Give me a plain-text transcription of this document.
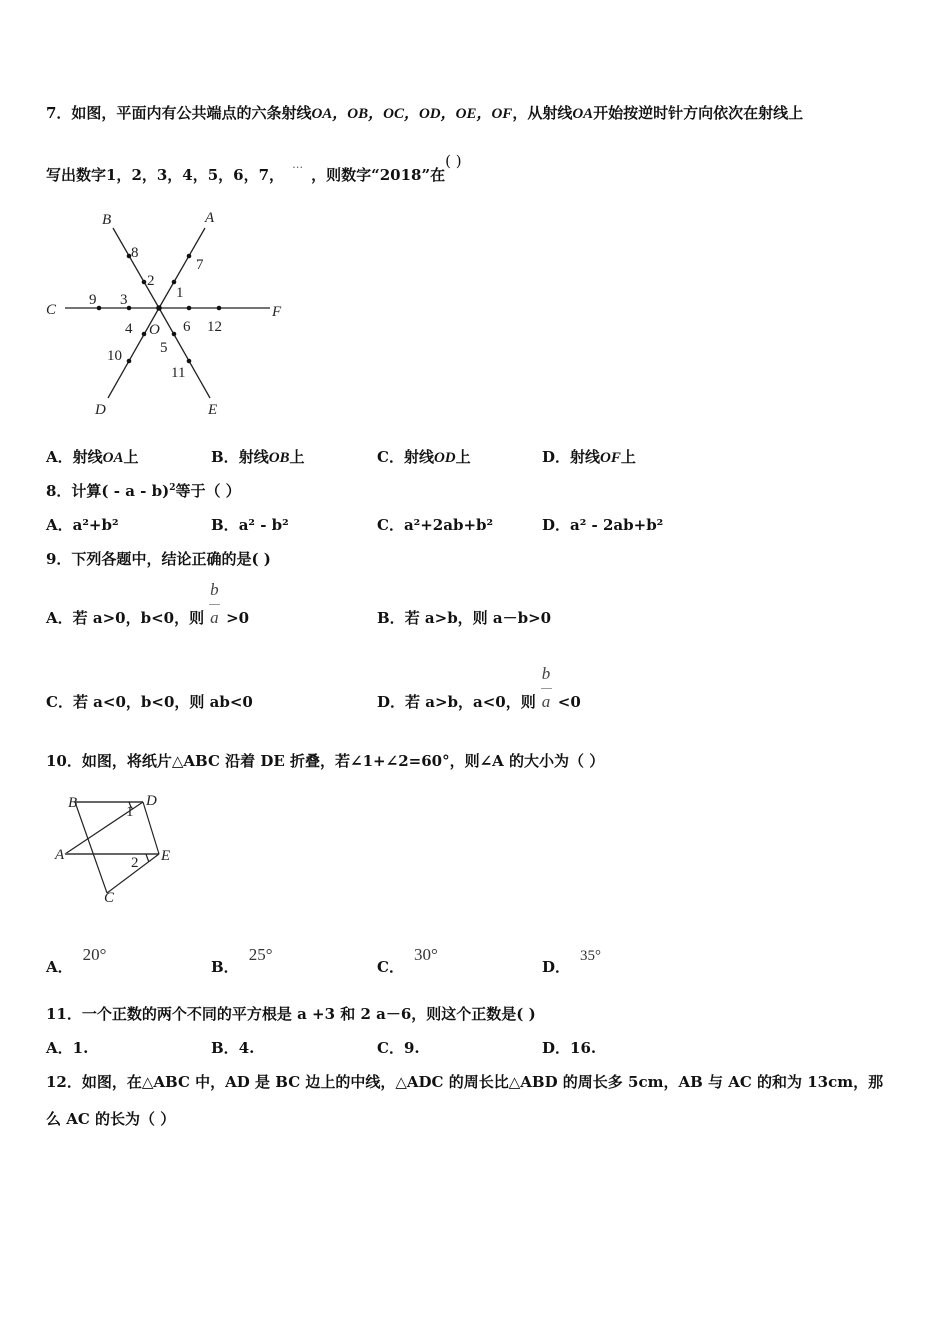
7．如图，平面内有公共端点的六条射线OA，OB，OC，OD，OE，OF，从射线OA开始按逆时针方向依次在射线上
写出数字1，2，3，4，5，6，7，…，则数字“2018”在( )
A
B
C
D	E
F
O
1
2
3
4
5
6
7
8
9
10
11
12
A．射线OA上	B．射线OB上	C．射线OD上	D．射线OF上
8．计算( - a - b)$^2$等于（ ）
A．a²+b²	B．a² - b²	C．a²+2ab+b²	D．a² - 2ab+b²
9．下列各题中，结论正确的是( )
A．若 a>0，b<0，则 $\frac{b}{a} >0$	B．若 a>b，则 a－b>0
C．若 a<0，b<0，则 ab<0	D．若 a>b，a<0，则 $\frac{b}{a} <0$
10．如图，将纸片△ABC 沿着 DE 折叠，若∠1+∠2=60°，则∠A 的大小为（ ）
A
B
C
D
E
1
2
A．20°
B．25°
C．30°
D．35°
11．一个正数的两个不同的平方根是 a +3 和 2 a－6，则这个正数是( )
A．1.	B．4.	C．9.	D．16.
12．如图，在△ABC 中，AD 是 BC 边上的中线，△ADC 的周长比△ABD 的周长多 5cm，AB 与 AC 的和为 13cm，那
么 AC 的长为（ ）
